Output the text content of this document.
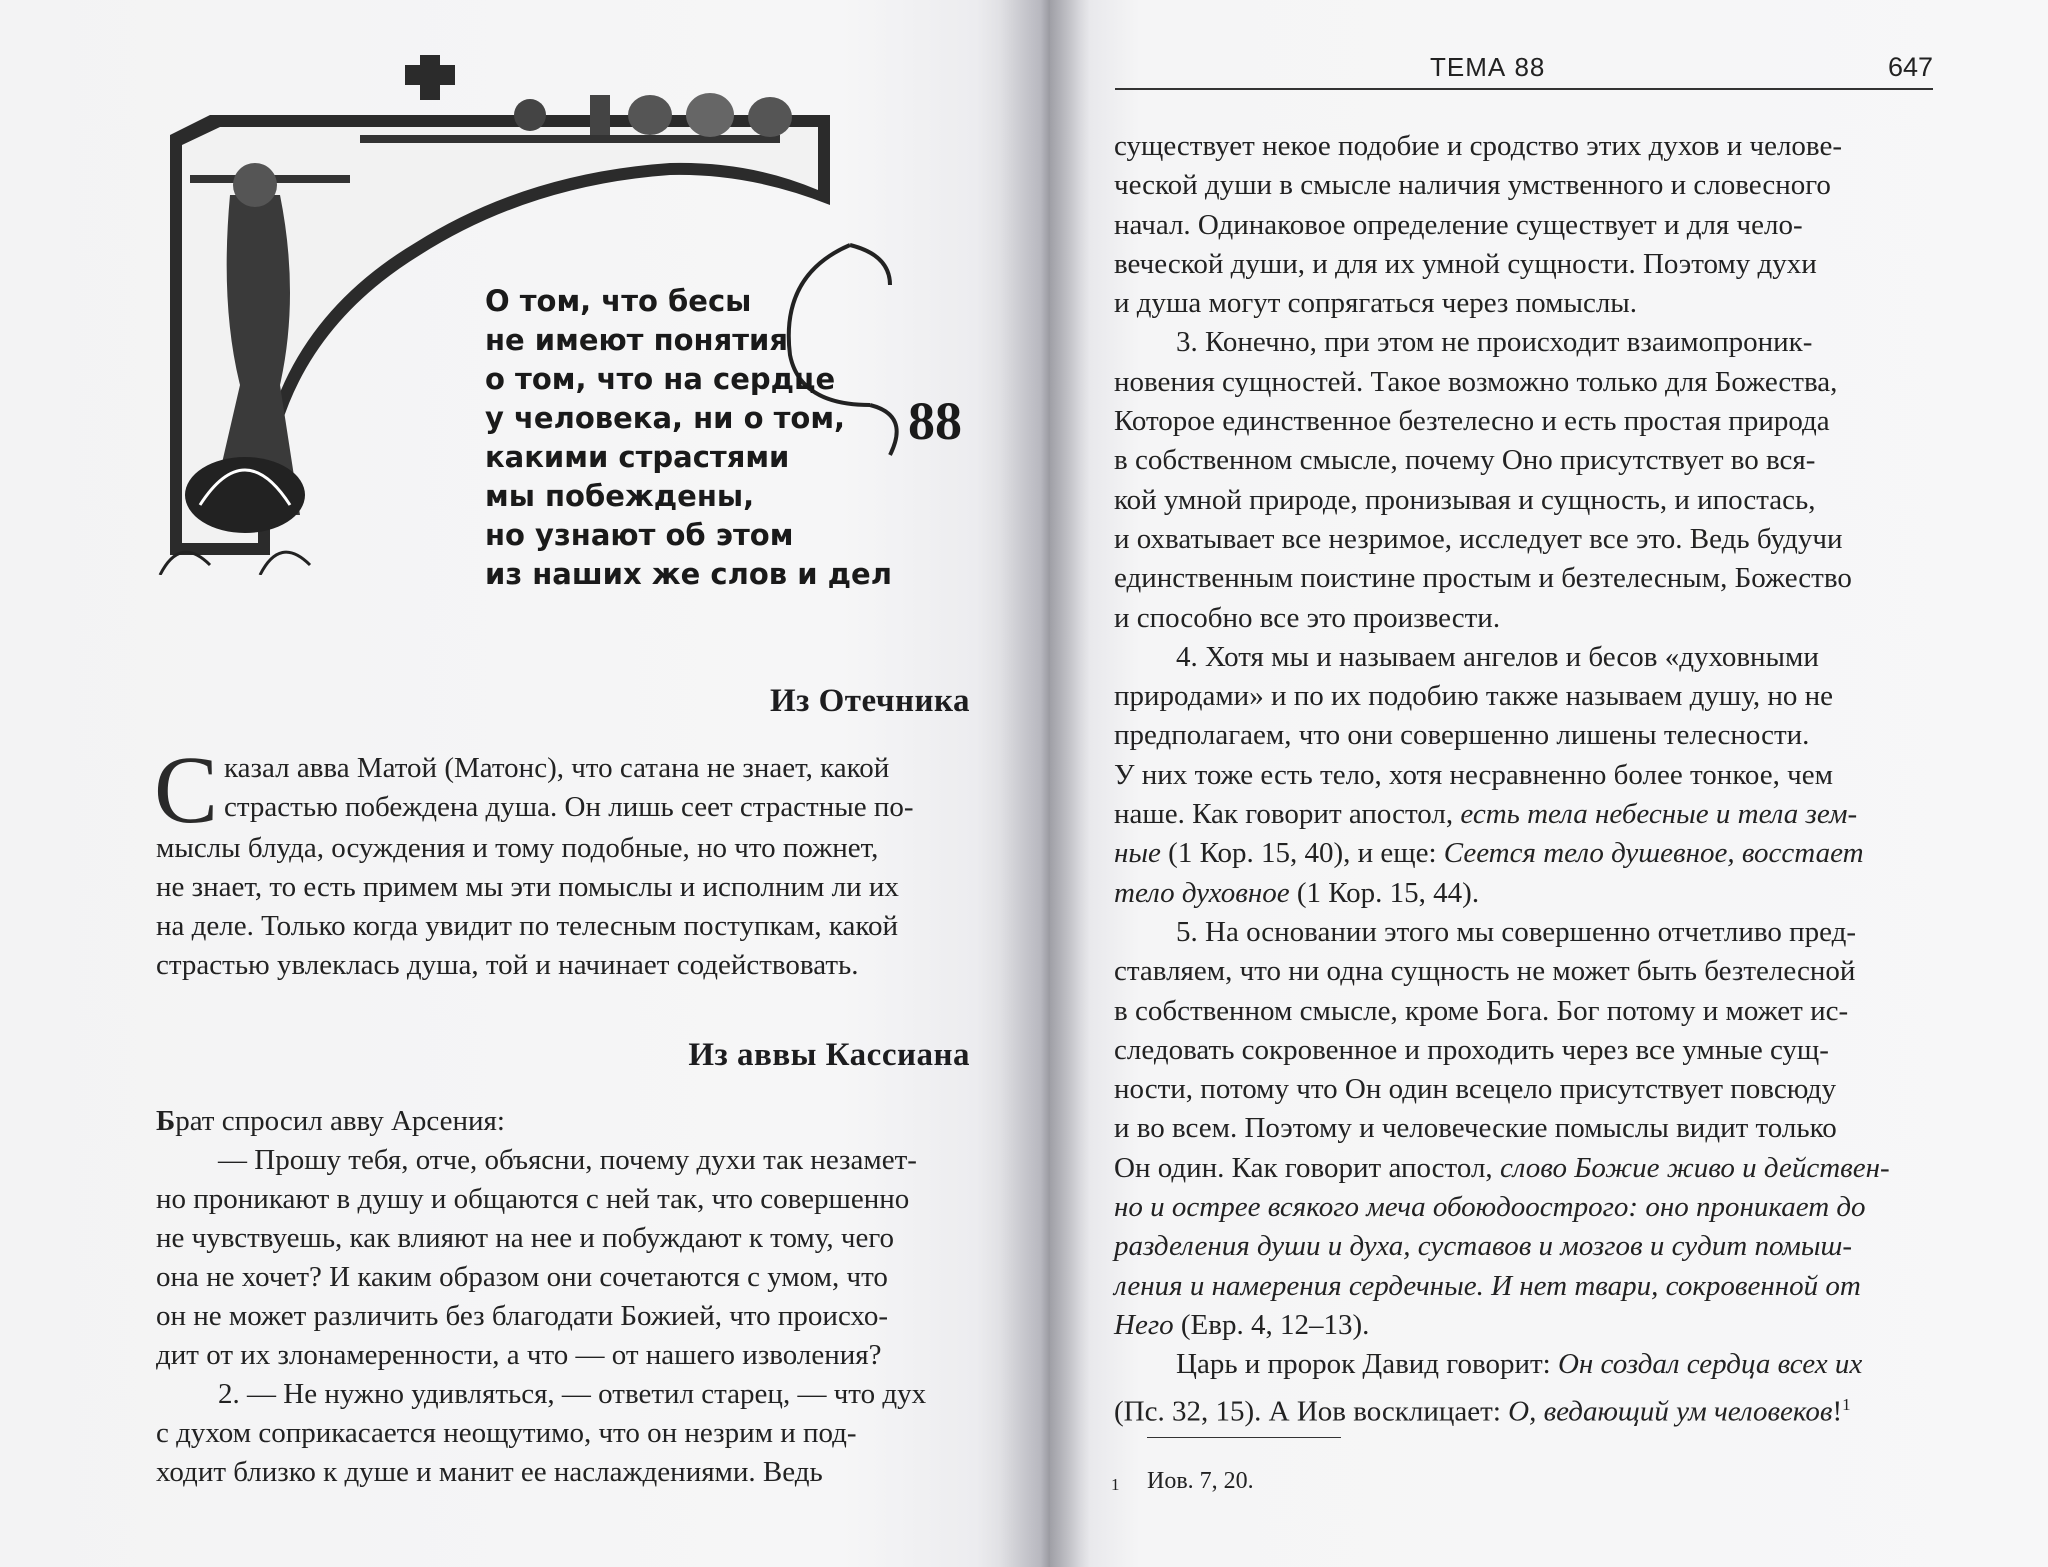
О том, что бесы
не имеют понятия
о том, что на сердце
у человека, ни о том,
какими страстями
мы побеждены,
но узнают об этом
из наших же слов и дел
88
Из Отечника
С казал авва Матой (Матонс), что сатана не знает, какой
страстью побеждена душа. Он лишь сеет страстные по-
мыслы блуда, осуждения и тому подобные, но что пожнет,
не знает, то есть примем мы эти помыслы и исполним ли их
на деле. Только когда увидит по телесным поступкам, какой
страстью увлеклась душа, той и начинает содействовать.
Из аввы Кассиана
Брат спросил авву Арсения:
— Прошу тебя, отче, объясни, почему духи так незамет-
но проникают в душу и общаются с ней так, что совершенно
не чувствуешь, как влияют на нее и побуждают к тому, чего
она не хочет? И каким образом они сочетаются с умом, что
он не может различить без благодати Божией, что происхо-
дит от их злонамеренности, а что — от нашего изволения?
2. — Не нужно удивляться, — ответил старец, — что дух
с духом соприкасается неощутимо, что он незрим и под-
ходит близко к душе и манит ее наслаждениями. Ведь
ТЕМА 88	647
существует некое подобие и сродство этих духов и челове-
ческой души в смысле наличия умственного и словесного
начал. Одинаковое определение существует и для чело-
веческой души, и для их умной сущности. Поэтому духи
и душа могут сопрягаться через помыслы.
3. Конечно, при этом не происходит взаимопроник-
новения сущностей. Такое возможно только для Божества,
Которое единственное безтелесно и есть простая природа
в собственном смысле, почему Оно присутствует во вся-
кой умной природе, пронизывая и сущность, и ипостась,
и охватывает все незримое, исследует все это. Ведь будучи
единственным поистине простым и безтелесным, Божество
и способно все это произвести.
4. Хотя мы и называем ангелов и бесов «духовными
природами» и по их подобию также называем душу, но не
предполагаем, что они совершенно лишены телесности.
У них тоже есть тело, хотя несравненно более тонкое, чем
наше. Как говорит апостол, есть тела небесные и тела зем-
ные (1 Кор. 15, 40), и еще: Сеется тело душевное, восстает
тело духовное (1 Кор. 15, 44).
5. На основании этого мы совершенно отчетливо пред-
ставляем, что ни одна сущность не может быть безтелесной
в собственном смысле, кроме Бога. Бог потому и может ис-
следовать сокровенное и проходить через все умные сущ-
ности, потому что Он один всецело присутствует повсюду
и во всем. Поэтому и человеческие помыслы видит только
Он один. Как говорит апостол, слово Божие живо и действен-
но и острее всякого меча обоюдоострого: оно проникает до
разделения души и духа, суставов и мозгов и судит помыш-
ления и намерения сердечные. И нет твари, сокровенной от
Него (Евр. 4, 12–13).
Царь и пророк Давид говорит: Он создал сердца всех их
(Пс. 32, 15). А Иов восклицает: О, ведающий ум человеков!$^1$
1 Иов. 7, 20.
